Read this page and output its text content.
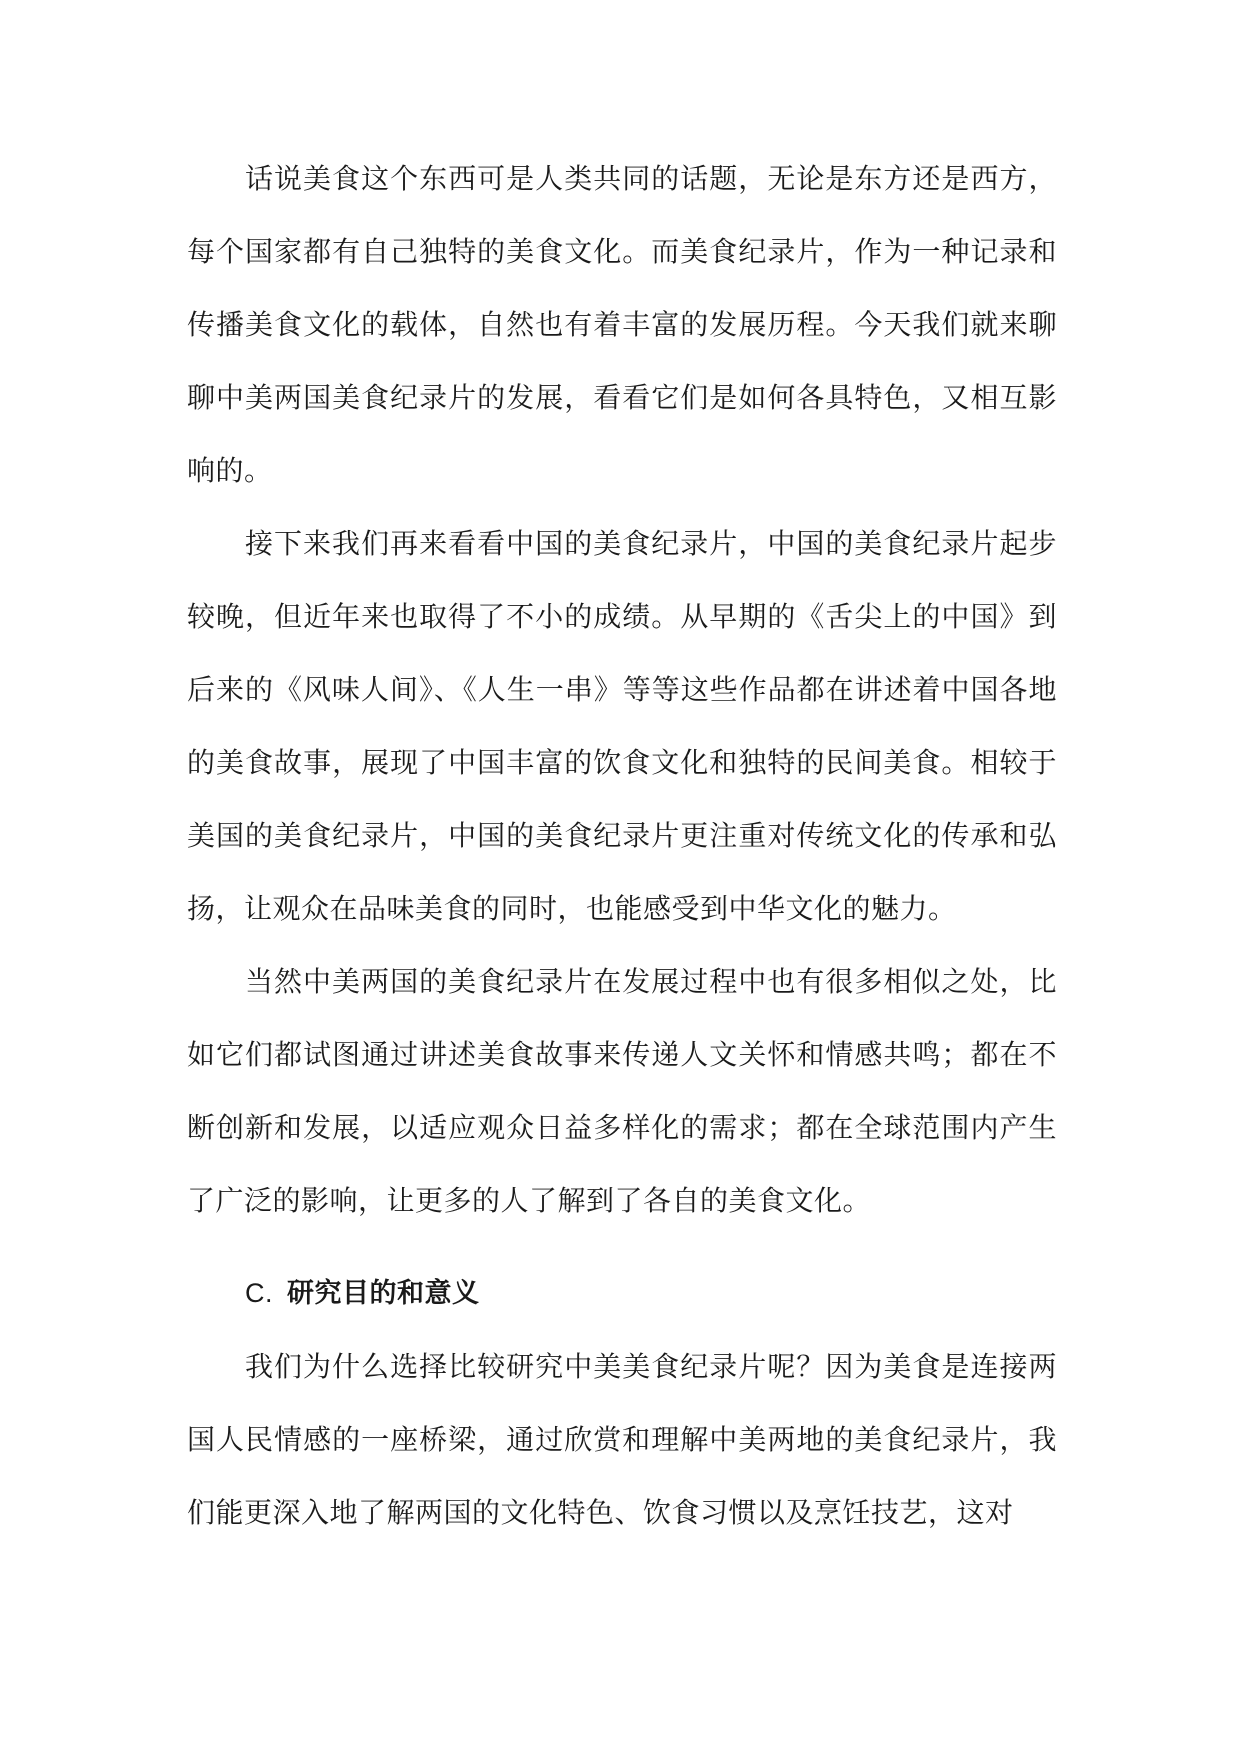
话说美食这个东西可是人类共同的话题，无论是东方还是西方，每个国家都有自己独特的美食文化。而美食纪录片，作为一种记录和传播美食文化的载体，自然也有着丰富的发展历程。今天我们就来聊聊中美两国美食纪录片的发展，看看它们是如何各具特色，又相互影响的。

接下来我们再来看看中国的美食纪录片，中国的美食纪录片起步较晚，但近年来也取得了不小的成绩。从早期的《舌尖上的中国》到后来的《风味人间》、《人生一串》等等这些作品都在讲述着中国各地的美食故事，展现了中国丰富的饮食文化和独特的民间美食。相较于美国的美食纪录片，中国的美食纪录片更注重对传统文化的传承和弘扬，让观众在品味美食的同时，也能感受到中华文化的魅力。

当然中美两国的美食纪录片在发展过程中也有很多相似之处，比如它们都试图通过讲述美食故事来传递人文关怀和情感共鸣；都在不断创新和发展，以适应观众日益多样化的需求；都在全球范围内产生了广泛的影响，让更多的人了解到了各自的美食文化。

C. 研究目的和意义

我们为什么选择比较研究中美美食纪录片呢？因为美食是连接两国人民情感的一座桥梁，通过欣赏和理解中美两地的美食纪录片，我们能更深入地了解两国的文化特色、饮食习惯以及烹饪技艺，这对
